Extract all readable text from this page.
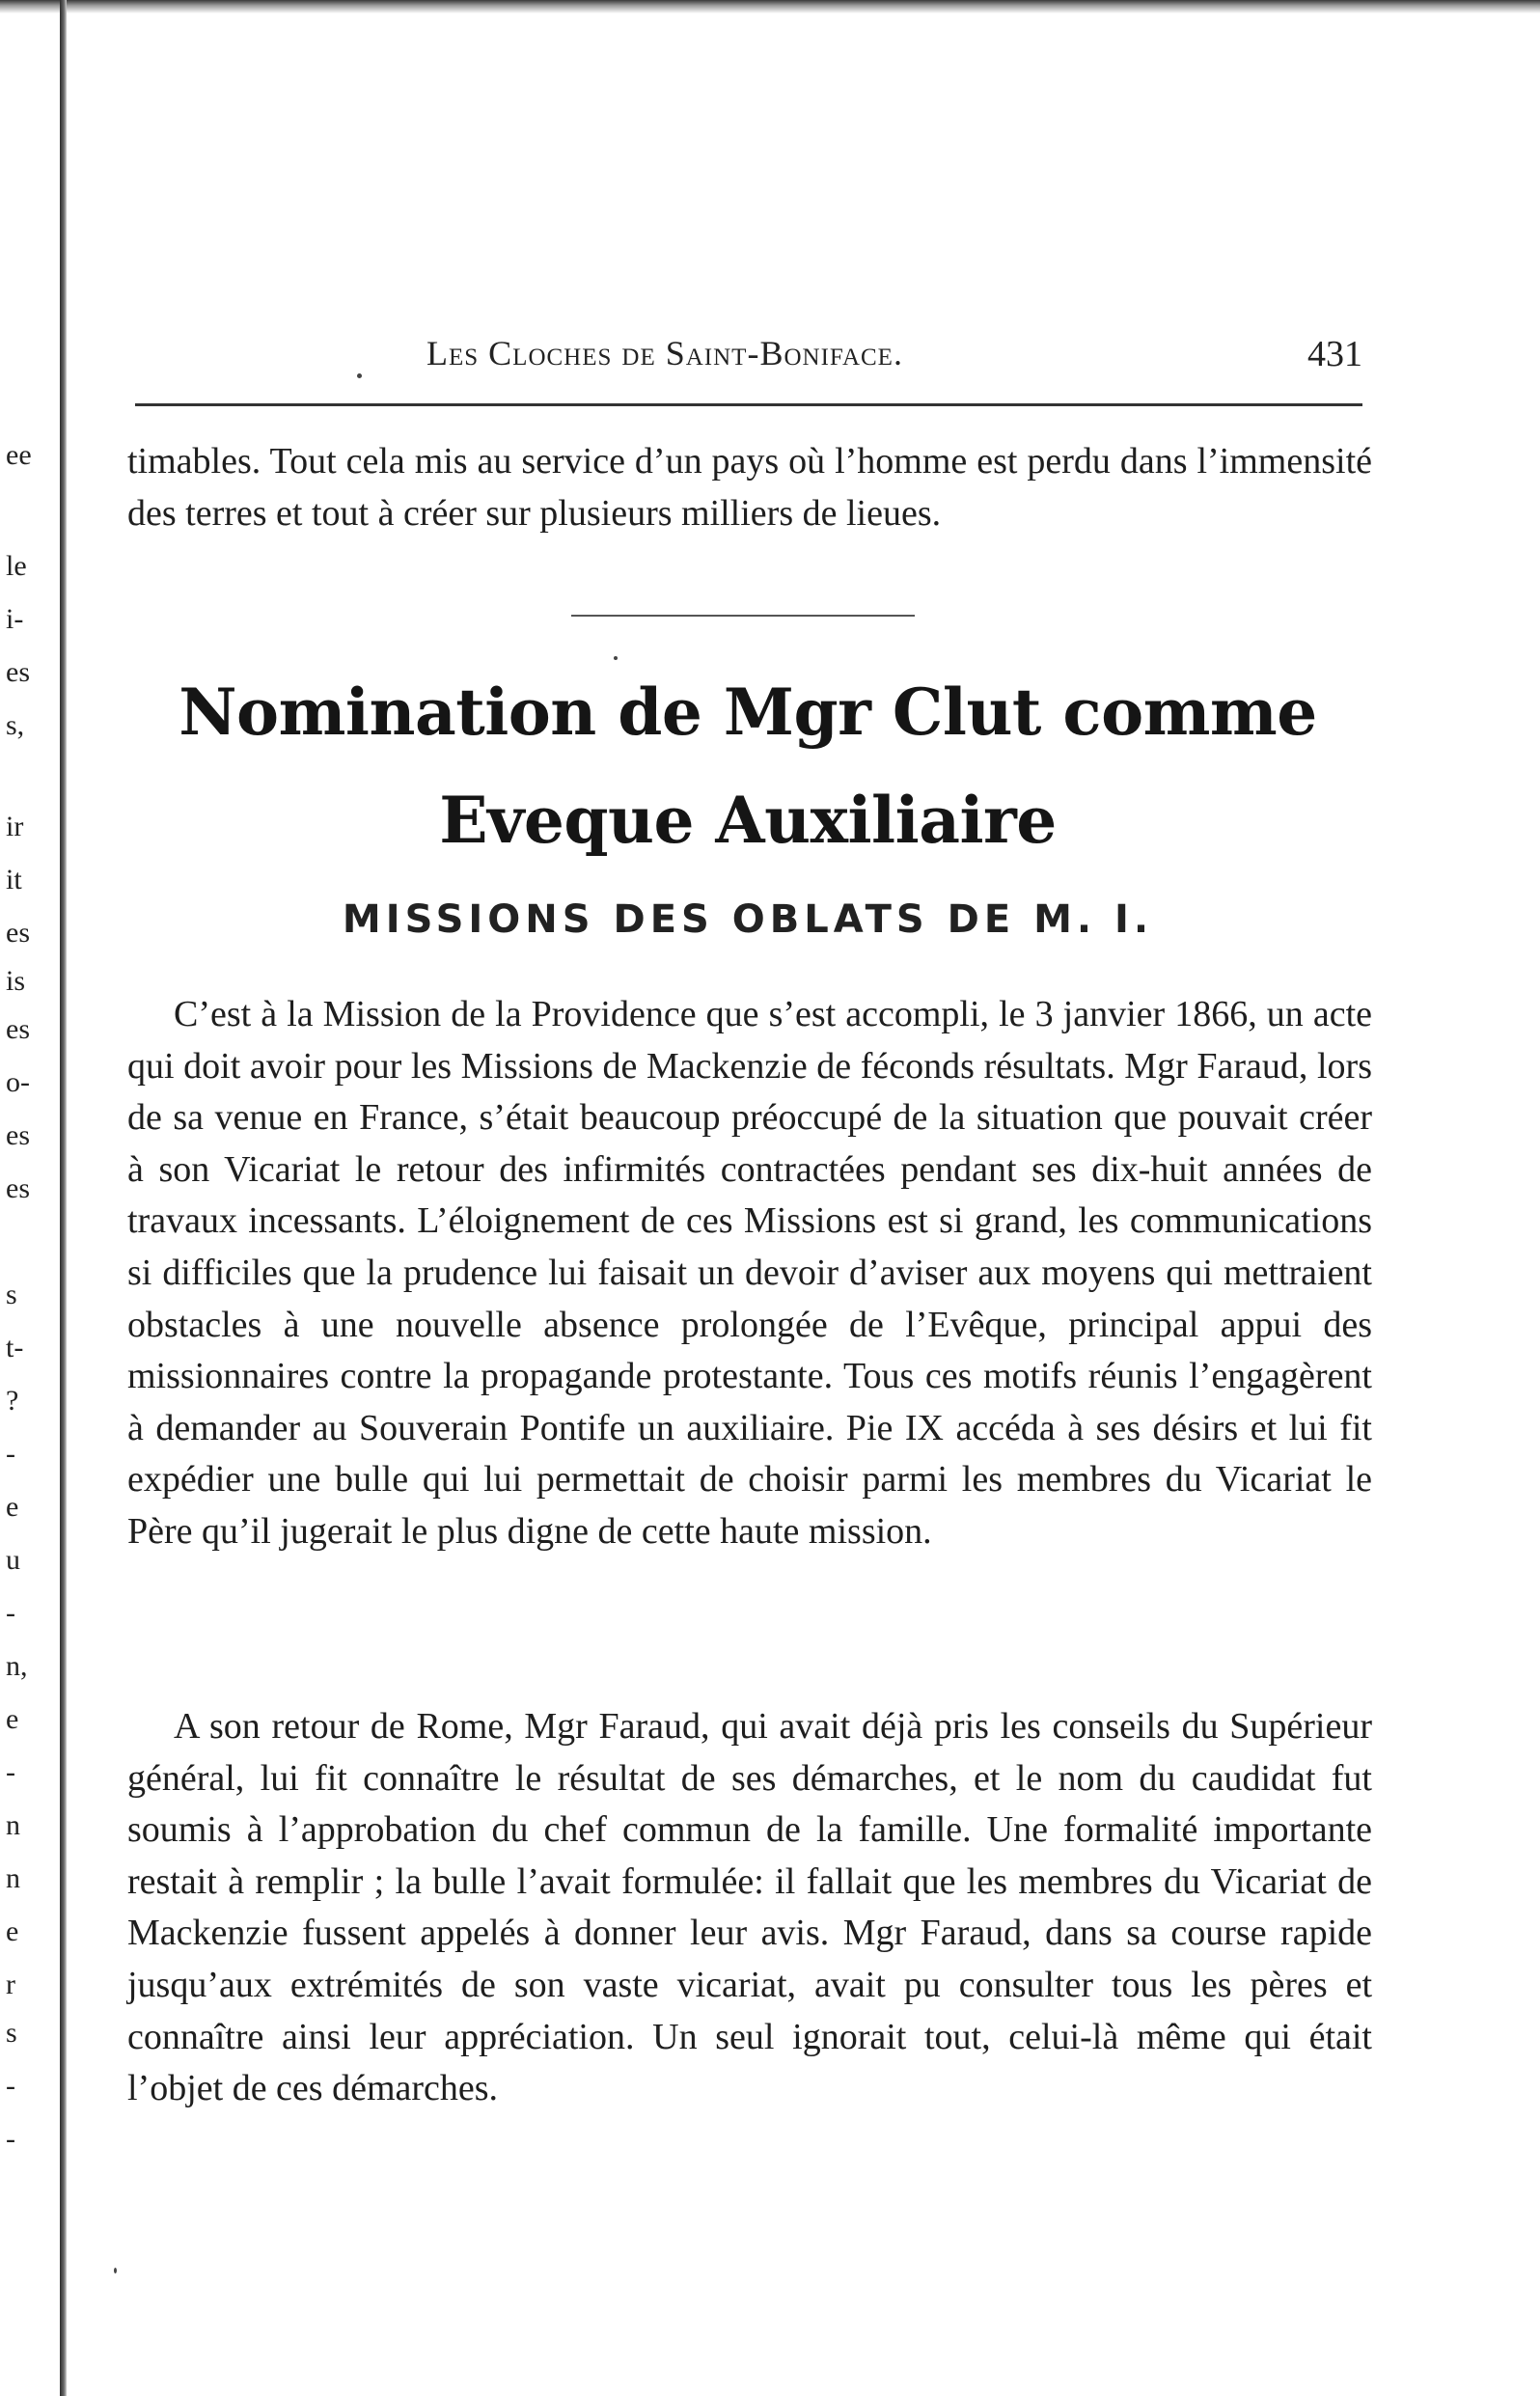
ee
le
i-
es
s,
ir
it
es
is
es
o-
es
es
s
t-
?
-
e
u
-
n,
e
-
n
n
e
r
s
-
-
Les Cloches de Saint-Boniface.	431

timables. Tout cela mis au service d’un pays où l’homme est perdu dans l’immensité des terres et tout à créer sur plusieurs milliers de lieues.

Nomination de Mgr Clut comme
Eveque Auxiliaire
MISSIONS DES OBLATS DE M. I.

C’est à la Mission de la Providence que s’est accompli, le 3 janvier 1866, un acte qui doit avoir pour les Missions de Mackenzie de féconds résultats. Mgr Faraud, lors de sa venue en France, s’était beaucoup préoccupé de la situation que pouvait créer à son Vicariat le retour des infirmités contractées pendant ses dix-huit années de travaux incessants. L’éloignement de ces Missions est si grand, les communications si difficiles que la prudence lui faisait un devoir d’aviser aux moyens qui mettraient obstacles à une nouvelle absence prolongée de l’Evêque, principal appui des missionnaires contre la propagande protestante. Tous ces motifs réunis l’engagèrent à demander au Souverain Pontife un auxiliaire. Pie IX accéda à ses désirs et lui fit expédier une bulle qui lui permettait de choisir parmi les membres du Vicariat le Père qu’il jugerait le plus digne de cette haute mission.

A son retour de Rome, Mgr Faraud, qui avait déjà pris les conseils du Supérieur général, lui fit connaître le résultat de ses démarches, et le nom du caudidat fut soumis à l’approbation du chef commun de la famille. Une formalité importante restait à remplir ; la bulle l’avait formulée: il fallait que les membres du Vicariat de Mackenzie fussent appelés à donner leur avis. Mgr Faraud, dans sa course rapide jusqu’aux extrémités de son vaste vicariat, avait pu consulter tous les pères et connaître ainsi leur appréciation. Un seul ignorait tout, celui-là même qui était l’objet de ces démarches.
